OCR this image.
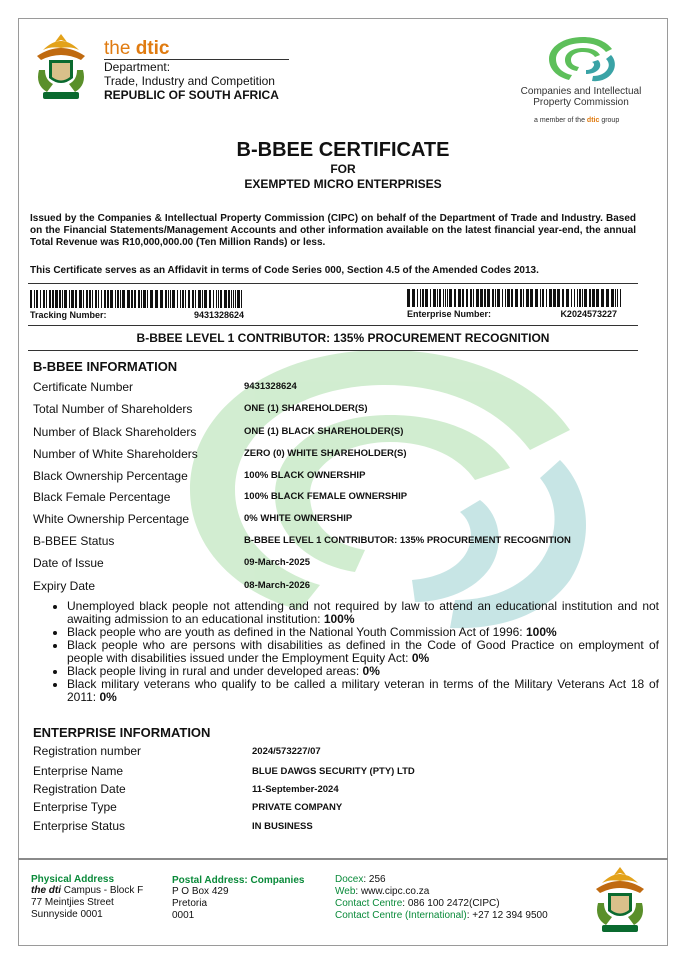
the dtic
Department:
Trade, Industry and Competition
REPUBLIC OF SOUTH AFRICA	Companies and Intellectual
Property Commission
a member of the dtic group
B-BBEE CERTIFICATE
FOR
EXEMPTED MICRO ENTERPRISES
Issued by the Companies & Intellectual Property Commission (CIPC) on behalf of the Department of Trade and Industry. Based on the Financial Statements/Management Accounts and other information available on the latest financial year-end, the annual Total Revenue was R10,000,000.00 (Ten Million Rands) or less.
This Certificate serves as an Affidavit in terms of Code Series 000, Section 4.5 of the Amended Codes 2013.
Tracking Number:	9431328624	Enterprise Number:	K2024573227
B-BBEE LEVEL 1 CONTRIBUTOR: 135% PROCUREMENT RECOGNITION
B-BBEE INFORMATION
Certificate Number	9431328624
Total Number of Shareholders	ONE (1) SHAREHOLDER(S)
Number of Black Shareholders	ONE (1) BLACK SHAREHOLDER(S)
Number of White Shareholders	ZERO (0) WHITE SHAREHOLDER(S)
Black Ownership Percentage	100% BLACK OWNERSHIP
Black Female Percentage	100% BLACK FEMALE OWNERSHIP
White Ownership Percentage	0% WHITE OWNERSHIP
B-BBEE Status	B-BBEE LEVEL 1 CONTRIBUTOR: 135% PROCUREMENT RECOGNITION
Date of Issue	09-March-2025
Expiry Date	08-March-2026
• Unemployed black people not attending and not required by law to attend an educational institution and not awaiting admission to an educational institution: 100%
• Black people who are youth as defined in the National Youth Commission Act of 1996: 100%
• Black people who are persons with disabilities as defined in the Code of Good Practice on employment of people with disabilities issued under the Employment Equity Act: 0%
• Black people living in rural and under developed areas: 0%
• Black military veterans who qualify to be called a military veteran in terms of the Military Veterans Act 18 of 2011: 0%
ENTERPRISE INFORMATION
Registration number	2024/573227/07
Enterprise Name	BLUE DAWGS SECURITY (PTY) LTD
Registration Date	11-September-2024
Enterprise Type	PRIVATE COMPANY
Enterprise Status	IN BUSINESS
Physical Address
the dti Campus - Block F
77 Meintjies Street
Sunnyside 0001
Postal Address: Companies
P O Box 429
Pretoria
0001
Docex: 256
Web: www.cipc.co.za
Contact Centre: 086 100 2472(CIPC)
Contact Centre (International): +27 12 394 9500
